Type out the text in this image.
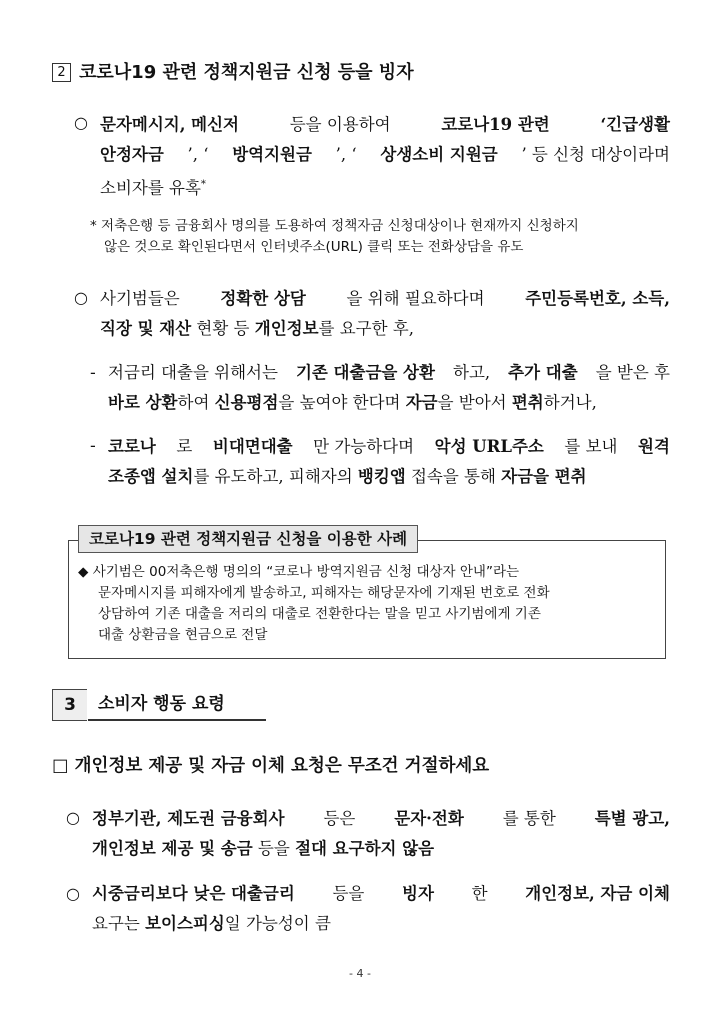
2 코로나19 관련 정책지원금 신청 등을 빙자
○ 문자메시지, 메신저	등을 이용하여	코로나19 관련	‘긴급생활
안정자금 ’, ‘ 방역지원금 ’, ‘ 상생소비 지원금 ’ 등 신청 대상이라며
소비자를 유혹*
* 저축은행 등 금융회사 명의를 도용하여 정책자금 신청대상이나 현재까지 신청하지
않은 것으로 확인된다면서 인터넷주소(URL) 클릭 또는 전화상담을 유도
○ 사기범들은 정확한 상담 을 위해 필요하다며 주민등록번호, 소득,
직장 및 재산 현황 등 개인정보를 요구한 후,
- 저금리 대출을 위해서는 기존 대출금을 상환 하고, 추가 대출 을 받은 후
바로 상환하여 신용평점을 높여야 한다며 자금을 받아서 편취하거나,
- 코로나 로 비대면대출 만 가능하다며 악성 URL주소 를 보내 원격
조종앱 설치를 유도하고, 피해자의 뱅킹앱 접속을 통해 자금을 편취
코로나19 관련 정책지원금 신청을 이용한 사례
◆ 사기범은 00저축은행 명의의 “코로나 방역지원금 신청 대상자 안내”라는
문자메시지를 피해자에게 발송하고, 피해자는 해당문자에 기재된 번호로 전화
상담하여 기존 대출을 저리의 대출로 전환한다는 말을 믿고 사기범에게 기존
대출 상환금을 현금으로 전달
3	소비자 행동 요령
□ 개인정보 제공 및 자금 이체 요청은 무조건 거절하세요
○ 정부기관, 제도권 금융회사 등은 문자·전화 를 통한 특별 광고,
개인정보 제공 및 송금 등을 절대 요구하지 않음
○ 시중금리보다 낮은 대출금리 등을 빙자 한 개인정보, 자금 이체
요구는 보이스피싱일 가능성이 큼
- 4 -
